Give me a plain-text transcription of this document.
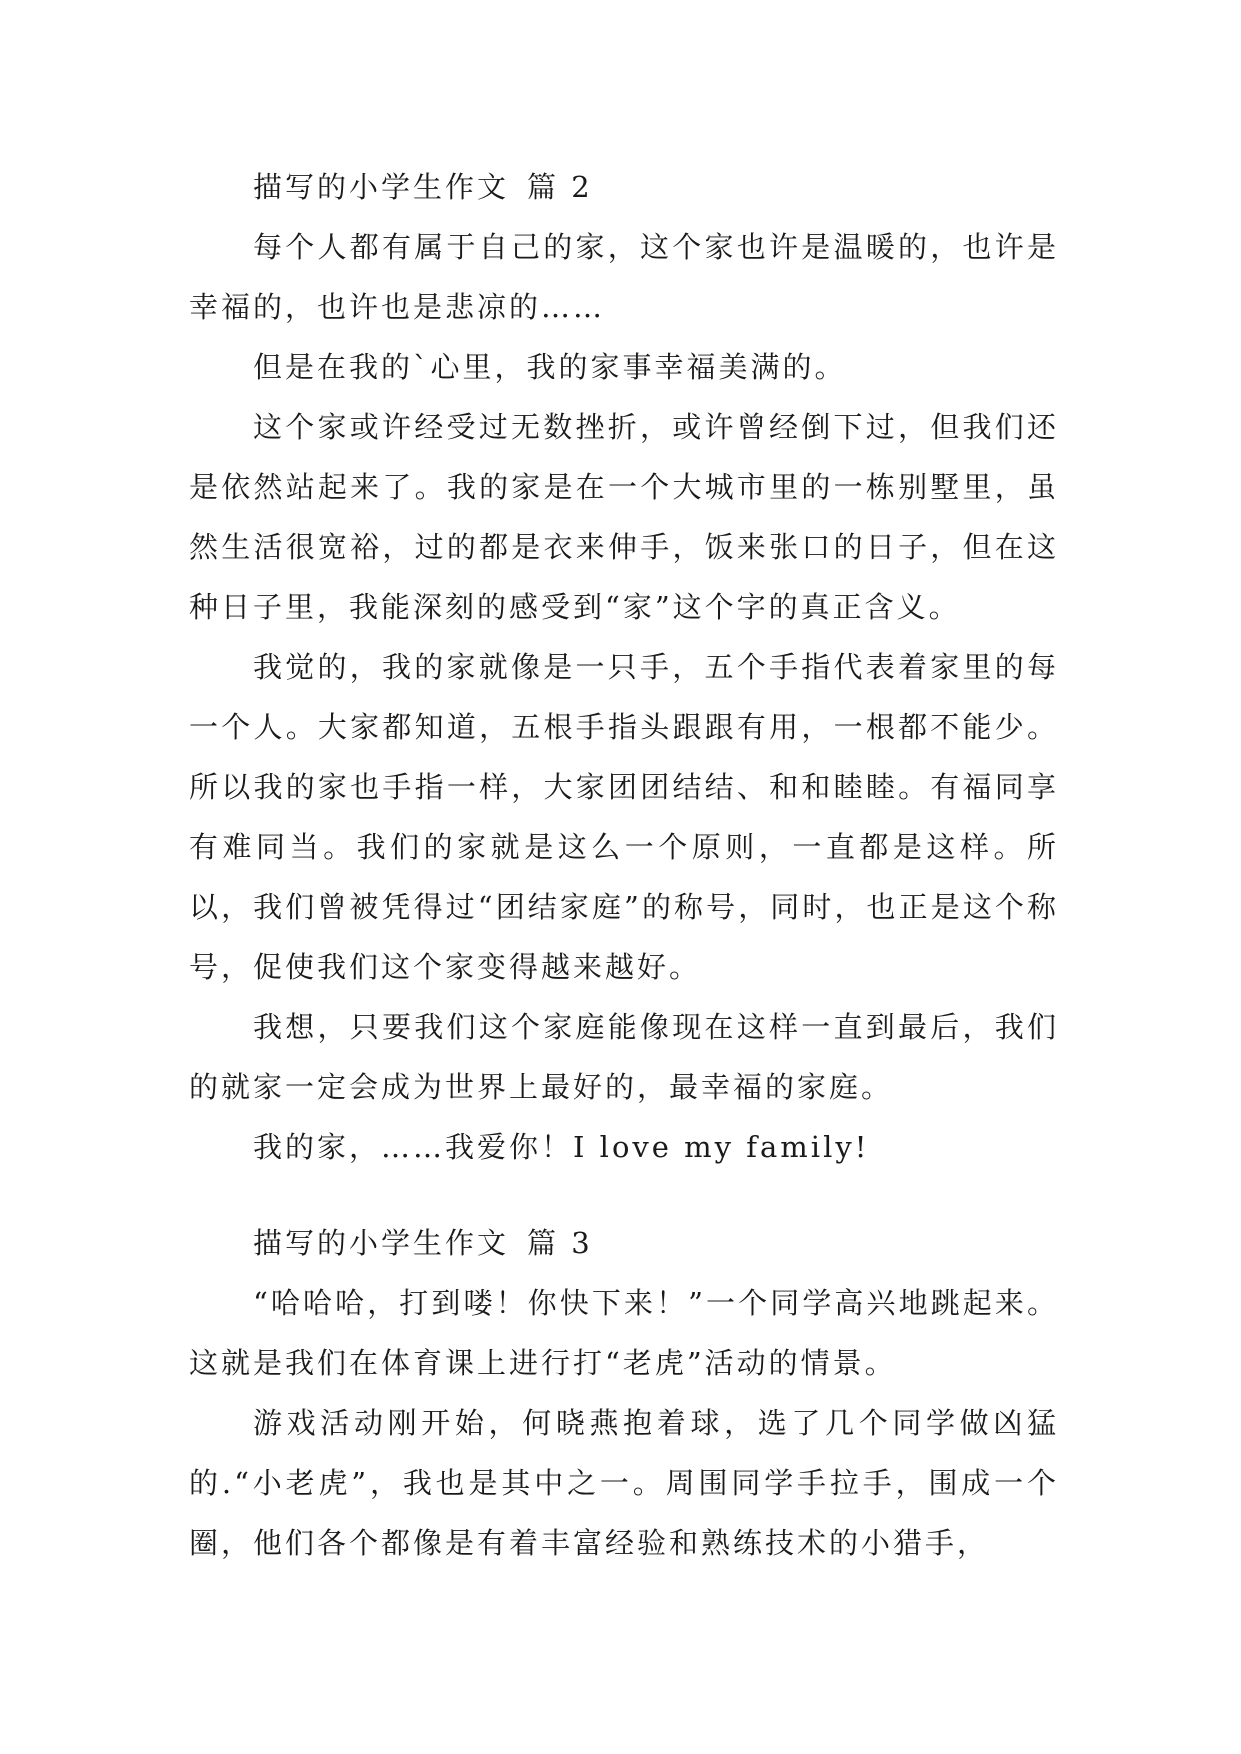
描写的小学生作文 篇 2

每个人都有属于自己的家，这个家也许是温暖的，也许是幸福的，也许也是悲凉的……

但是在我的`心里，我的家事幸福美满的。

这个家或许经受过无数挫折，或许曾经倒下过，但我们还是依然站起来了。我的家是在一个大城市里的一栋别墅里，虽然生活很宽裕，过的都是衣来伸手，饭来张口的日子，但在这种日子里，我能深刻的感受到“家”这个字的真正含义。

我觉的，我的家就像是一只手，五个手指代表着家里的每一个人。大家都知道，五根手指头跟跟有用，一根都不能少。所以我的家也手指一样，大家团团结结、和和睦睦。有福同享有难同当。我们的家就是这么一个原则，一直都是这样。所以，我们曾被凭得过“团结家庭”的称号，同时，也正是这个称号，促使我们这个家变得越来越好。

我想，只要我们这个家庭能像现在这样一直到最后，我们的就家一定会成为世界上最好的，最幸福的家庭。

我的家，……我爱你！I love my family!

描写的小学生作文 篇 3

“哈哈哈，打到喽！你快下来！”一个同学高兴地跳起来。这就是我们在体育课上进行打“老虎”活动的情景。

游戏活动刚开始，何晓燕抱着球，选了几个同学做凶猛的.“小老虎”，我也是其中之一。周围同学手拉手，围成一个圈，他们各个都像是有着丰富经验和熟练技术的小猎手，
